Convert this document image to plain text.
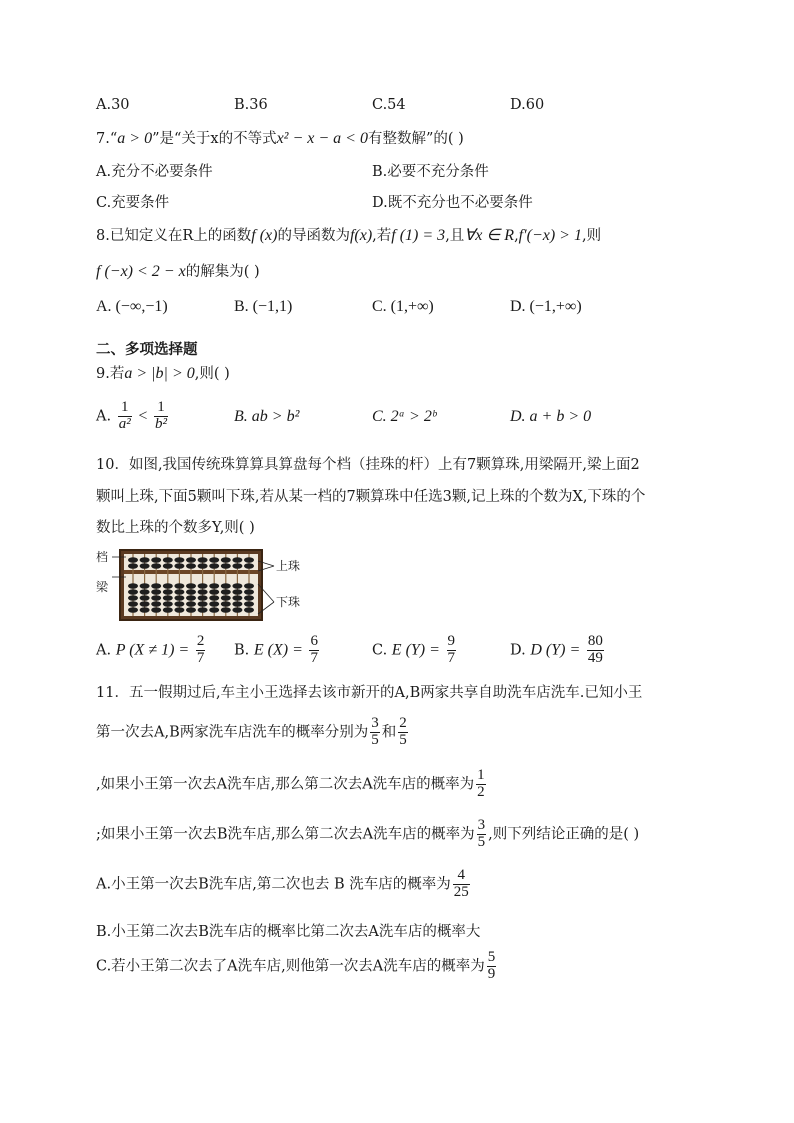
A.30	B.36	C.54	D.60
7.“a > 0”是“关于x的不等式x² − x − a < 0有整数解”的( )
A.充分不必要条件	B.必要不充分条件
C.充要条件	D.既不充分也不必要条件
8.已知定义在R上的函数f (x)的导函数为f(x),若f (1) = 3,且∀x ∈ R,f′(−x) > 1,则
f (−x) < 2 − x的解集为( )
A. (−∞,−1)	B. (−1,1)	C. (1,+∞)	D. (−1,+∞)
二、多项选择题
9.若a > |b| > 0,则( )
A. $\frac{1}{\text{a²}} < \frac{1}{\text{b²}}$	B. ab > b²	C. 2ᵃ > 2ᵇ	D. a + b > 0
10．如图,我国传统珠算算具算盘每个档（挂珠的杆）上有7颗算珠,用梁隔开,梁上面2
颗叫上珠,下面5颗叫下珠,若从某一档的7颗算珠中任选3颗,记上珠的个数为X,下珠的个
数比上珠的个数多Y,则( )
档
梁
上珠
下珠
A. P $(X \ne 1) = \frac{2}{7} B$. E $(X) = \frac{6}{7}$	C. E $(Y) = \frac{9}{7}$	D. D $(Y) = \frac{80}{49}$
11．五一假期过后,车主小王选择去该市新开的A,B两家共享自助洗车店洗车.已知小王
第一次去A,B两家洗车店洗车的概率分别为 $\frac{3}{5}$ 和 $\frac{2}{5}$
,如果小王第一次去A洗车店,那么第二次去A洗车店的概率为 $\frac{1}{2}$
;如果小王第一次去B洗车店,那么第二次去A洗车店的概率为 $\frac{3}{5}$ ,则下列结论正确的是( )
A.小王第一次去B洗车店,第二次也去 B 洗车店的概率为 $\frac{4}{25}$
B.小王第二次去B洗车店的概率比第二次去A洗车店的概率大
C.若小王第二次去了A洗车店,则他第一次去A洗车店的概率为 $\frac{5}{9}$
